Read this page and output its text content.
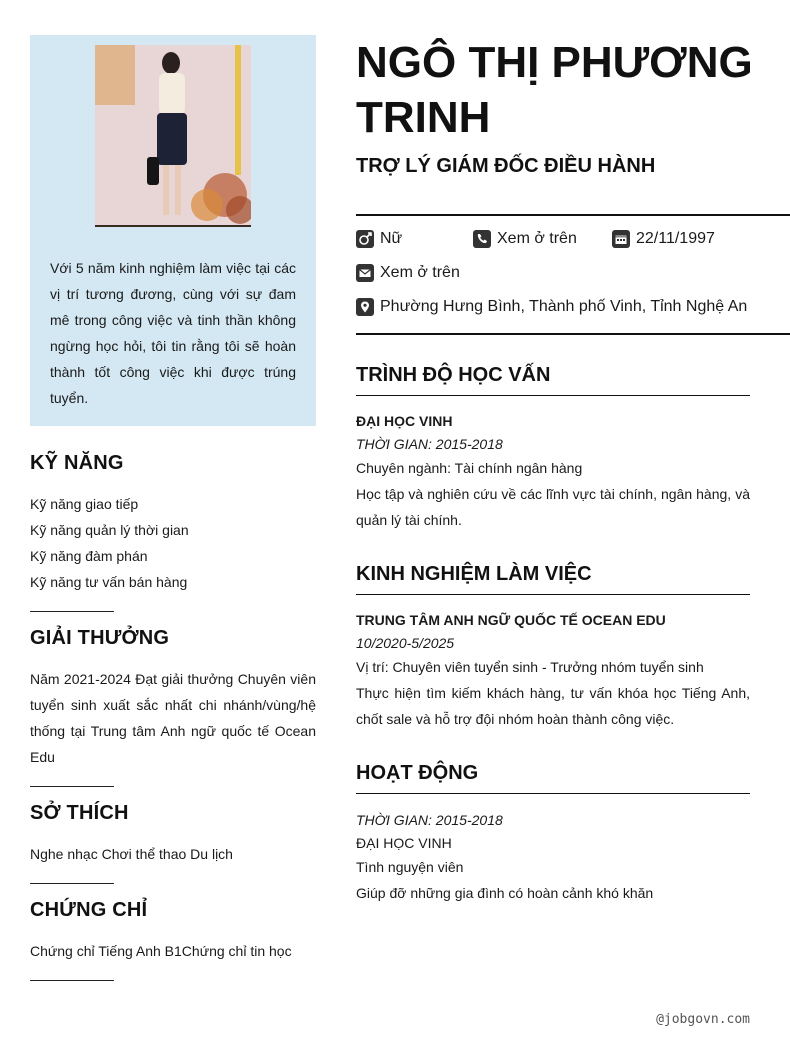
Với 5 năm kinh nghiệm làm việc tại các vị trí tương đương, cùng với sự đam mê trong công việc và tinh thần không ngừng học hỏi, tôi tin rằng tôi sẽ hoàn thành tốt công việc khi được trúng tuyển.
KỸ NĂNG
Kỹ năng giao tiếp
Kỹ năng quản lý thời gian
Kỹ năng đàm phán
Kỹ năng tư vấn bán hàng
GIẢI THƯỞNG

Năm 2021-2024 Đạt giải thưởng Chuyên viên tuyển sinh xuất sắc nhất chi nhánh/vùng/hệ thống tại Trung tâm Anh ngữ quốc tế Ocean Edu

SỞ THÍCH

Nghe nhạc Chơi thể thao Du lịch

CHỨNG CHỈ

Chứng chỉ Tiếng Anh B1Chứng chỉ tin học

NGÔ THỊ PHƯƠNG TRINH
TRỢ LÝ GIÁM ĐỐC ĐIỀU HÀNH
Nữ	Xem ở trên	22/11/1997
Xem ở trên
Phường Hưng Bình, Thành phố Vinh, Tỉnh Nghệ An
TRÌNH ĐỘ HỌC VẤN
ĐẠI HỌC VINH
THỜI GIAN: 2015-2018
Chuyên ngành: Tài chính ngân hàng
Học tập và nghiên cứu về các lĩnh vực tài chính, ngân hàng, và quản lý tài chính.
KINH NGHIỆM LÀM VIỆC
TRUNG TÂM ANH NGỮ QUỐC TẾ OCEAN EDU
10/2020-5/2025
Vị trí: Chuyên viên tuyển sinh - Trưởng nhóm tuyển sinh
Thực hiện tìm kiếm khách hàng, tư vấn khóa học Tiếng Anh, chốt sale và hỗ trợ đội nhóm hoàn thành công việc.
HOẠT ĐỘNG
THỜI GIAN: 2015-2018
ĐẠI HỌC VINH
Tình nguyện viên
Giúp đỡ những gia đình có hoàn cảnh khó khăn
@jobgovn.com
